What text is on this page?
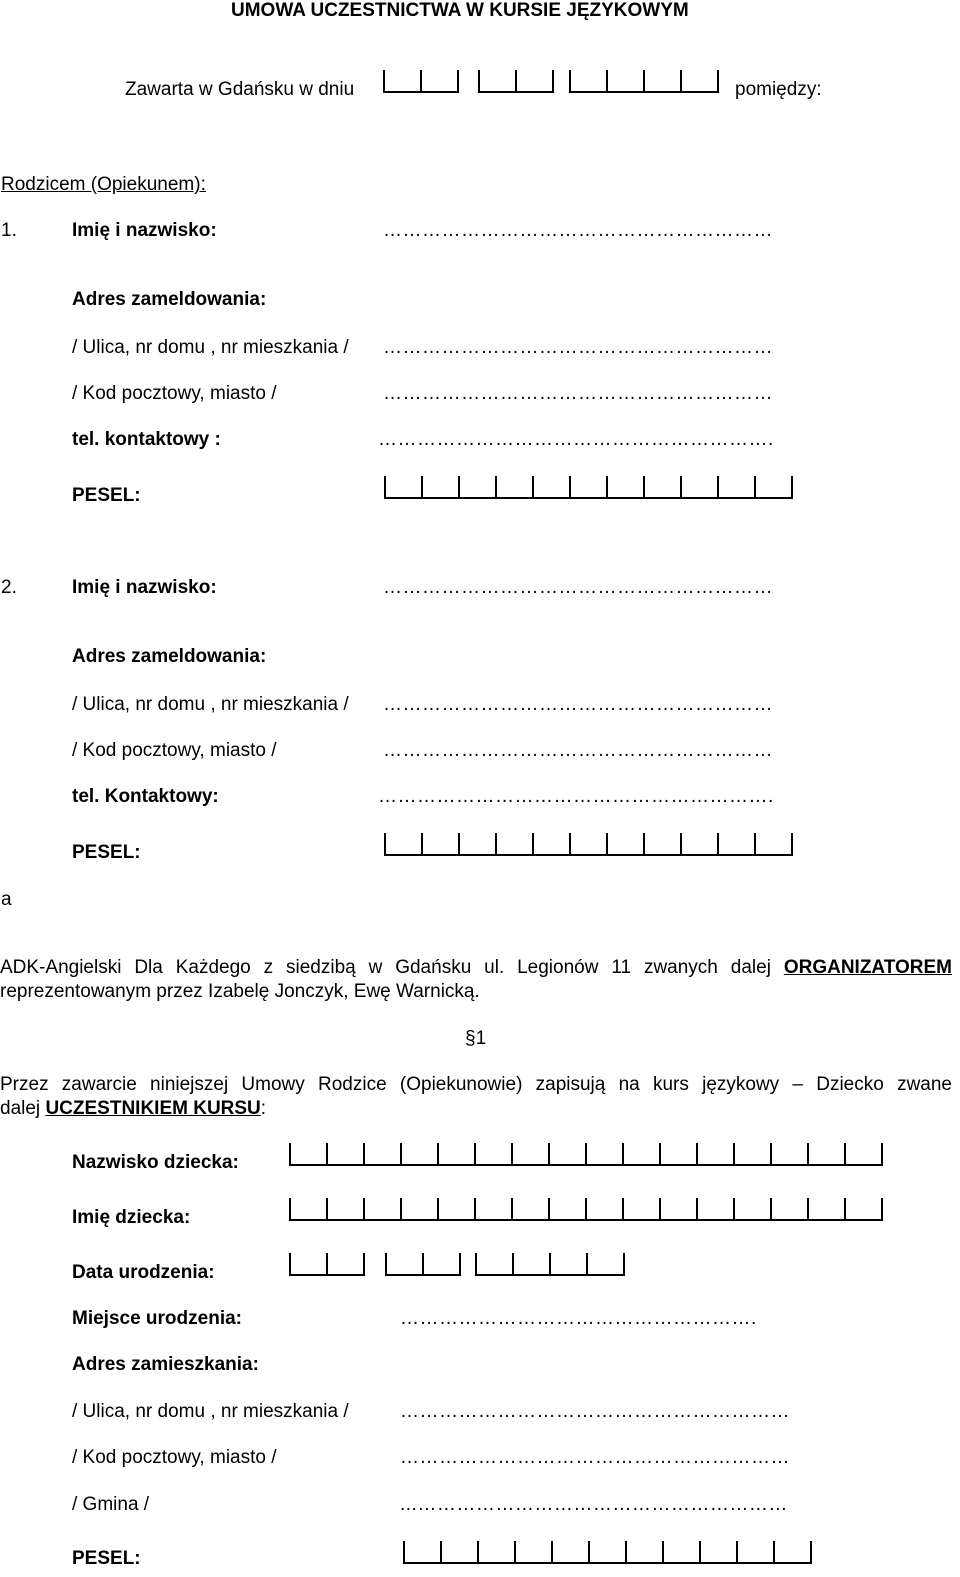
UMOWA UCZESTNICTWA W KURSIE JĘZYKOWYM
Zawarta w Gdańsku w dniu	pomiędzy:
Rodzicem (Opiekunem):
1.	Imię i nazwisko:	……………………………………………………
Adres zameldowania:
/ Ulica, nr domu , nr mieszkania / ……………………………………………………
/ Kod pocztowy, miasto /	……………………………………………………
tel. kontaktowy :	…………………………………………………….
PESEL:
2.	Imię i nazwisko:	……………………………………………………
Adres zameldowania:
/ Ulica, nr domu , nr mieszkania / ……………………………………………………
/ Kod pocztowy, miasto /	……………………………………………………
tel. Kontaktowy:	…………………………………………………….
PESEL:
a
ADK-Angielski Dla Każdego z siedzibą w Gdańsku ul. Legionów 11 zwanych dalej ORGANIZATOREM
reprezentowanym przez Izabelę Jonczyk, Ewę Warnicką.
§1
Przez zawarcie niniejszej Umowy Rodzice (Opiekunowie) zapisują na kurs językowy – Dziecko zwane
dalej UCZESTNIKIEM KURSU:
Nazwisko dziecka:
Imię dziecka:
Data urodzenia:
Miejsce urodzenia:	……………………………………………….
Adres zamieszkania:
/ Ulica, nr domu , nr mieszkania /	……………………………………………………
/ Kod pocztowy, miasto /	……………………………………………………
/ Gmina /	...…………………………………………………
PESEL:
